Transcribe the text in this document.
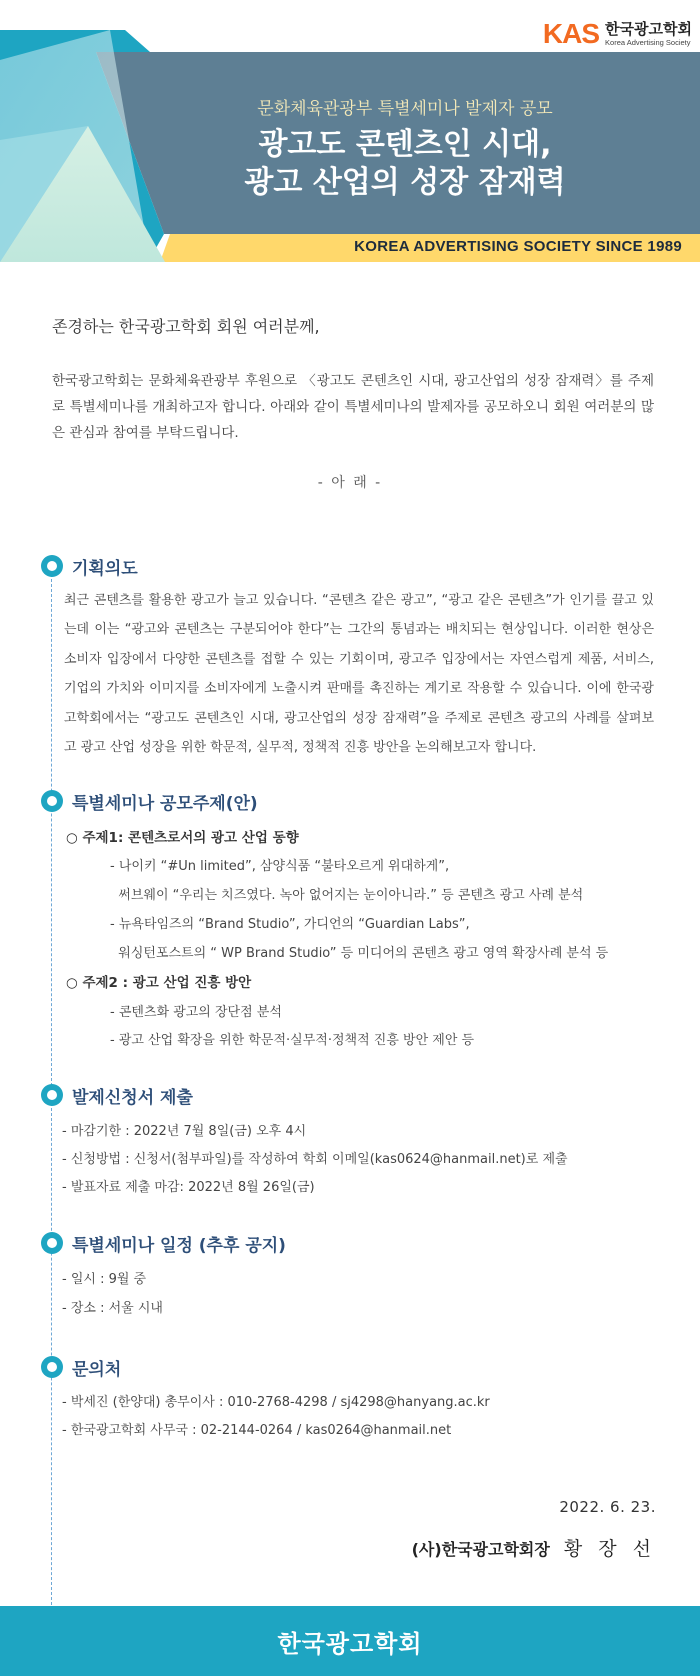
KAS 한국광고학회
Korea Advertising Society
문화체육관광부 특별세미나 발제자 공모
광고도 콘텐츠인 시대,
광고 산업의 성장 잠재력
KOREA ADVERTISING SOCIETY SINCE 1989
존경하는 한국광고학회 회원 여러분께,

한국광고학회는 문화체육관광부 후원으로 〈광고도 콘텐츠인 시대, 광고산업의 성장 잠재력〉를 주제로 특별세미나를 개최하고자 합니다. 아래와 같이 특별세미나의 발제자를 공모하오니 회원 여러분의 많은 관심과 참여를 부탁드립니다.

- 아 래 -
기획의도

최근 콘텐츠를 활용한 광고가 늘고 있습니다. “콘텐츠 같은 광고”, “광고 같은 콘텐츠”가 인기를 끌고 있는데 이는 “광고와 콘텐츠는 구분되어야 한다”는 그간의 통념과는 배치되는 현상입니다. 이러한 현상은 소비자 입장에서 다양한 콘텐츠를 접할 수 있는 기회이며, 광고주 입장에서는 자연스럽게 제품, 서비스, 기업의 가치와 이미지를 소비자에게 노출시켜 판매를 촉진하는 계기로 작용할 수 있습니다. 이에 한국광고학회에서는 “광고도 콘텐츠인 시대, 광고산업의 성장 잠재력”을 주제로 콘텐츠 광고의 사례를 살펴보고 광고 산업 성장을 위한 학문적, 실무적, 정책적 진흥 방안을 논의해보고자 합니다.

특별세미나 공모주제(안)
○ 주제1: 콘텐츠로서의 광고 산업 동향
- 나이키 “#Un limited”, 삼양식품 “불타오르게 위대하게”,
써브웨이 “우리는 치즈였다. 녹아 없어지는 눈이아니라.” 등 콘텐츠 광고 사례 분석
- 뉴욕타임즈의 “Brand Studio”, 가디언의 “Guardian Labs”,
워싱턴포스트의 “ WP Brand Studio” 등 미디어의 콘텐츠 광고 영역 확장사례 분석 등
○ 주제2 : 광고 산업 진흥 방안
- 콘텐츠화 광고의 장단점 분석
- 광고 산업 확장을 위한 학문적·실무적·정책적 진흥 방안 제안 등
발제신청서 제출
- 마감기한 : 2022년 7월 8일(금) 오후 4시
- 신청방법 : 신청서(첨부파일)를 작성하여 학회 이메일(kas0624@hanmail.net)로 제출
- 발표자료 제출 마감: 2022년 8월 26일(금)
특별세미나 일정 (추후 공지)
- 일시 : 9월 중
- 장소 : 서울 시내
문의처
- 박세진 (한양대) 총무이사 : 010-2768-4298 / sj4298@hanyang.ac.kr
- 한국광고학회 사무국 : 02-2144-0264 / kas0264@hanmail.net
2022. 6. 23.
(사)한국광고학회장 황 장 선
한국광고학회
